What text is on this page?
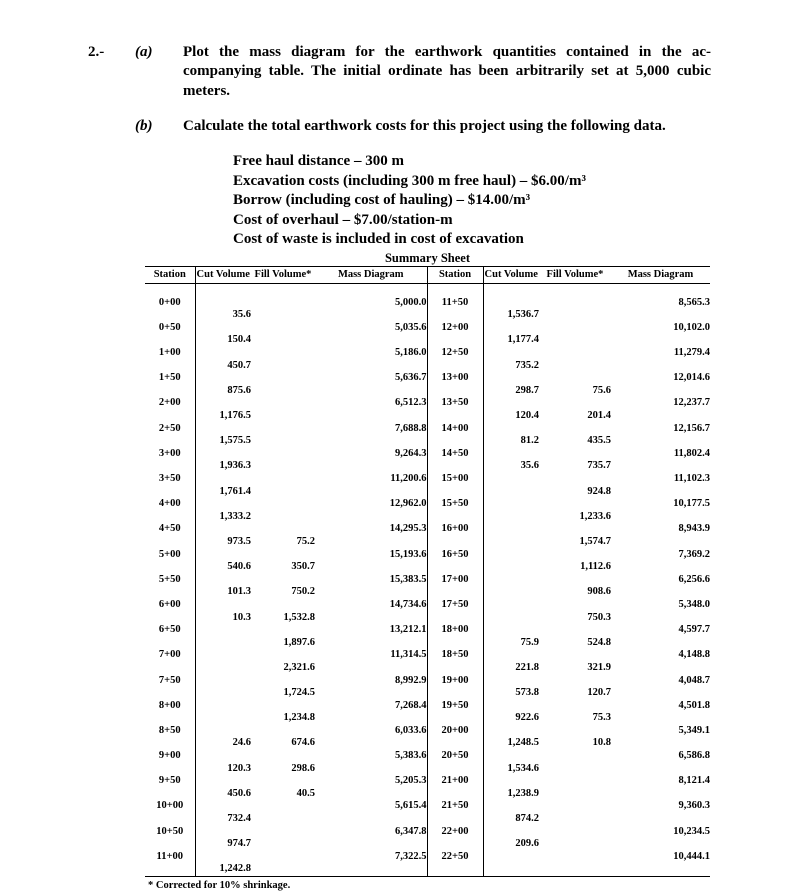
2.-	(a)	Plot the mass diagram for the earthwork quantities contained in the ac-
companying table. The initial ordinate has been arbitrarily set at 5,000 cubic
meters.
(b)	Calculate the total earthwork costs for this project using the following data.
Free haul distance – 300 m
Excavation costs (including 300 m free haul) – $6.00/m³
Borrow (including cost of hauling) – $14.00/m³
Cost of overhaul – $7.00/station-m
Cost of waste is included in cost of excavation
Summary Sheet
Station	Cut Volume	Fill Volume*	Mass Diagram	Station	Cut Volume	Fill Volume*	Mass Diagram

0+00			5,000.0	11+50			8,565.3
	35.6				1,536.7		
0+50			5,035.6	12+00			10,102.0
	150.4				1,177.4		
1+00			5,186.0	12+50			11,279.4
	450.7				735.2		
1+50			5,636.7	13+00			12,014.6
	875.6				298.7	75.6	
2+00			6,512.3	13+50			12,237.7
	1,176.5				120.4	201.4	
2+50			7,688.8	14+00			12,156.7
	1,575.5				81.2	435.5	
3+00			9,264.3	14+50			11,802.4
	1,936.3				35.6	735.7	
3+50			11,200.6	15+00			11,102.3
	1,761.4					924.8	
4+00			12,962.0	15+50			10,177.5
	1,333.2					1,233.6	
4+50			14,295.3	16+00			8,943.9
	973.5	75.2				1,574.7	
5+00			15,193.6	16+50			7,369.2
	540.6	350.7				1,112.6	
5+50			15,383.5	17+00			6,256.6
	101.3	750.2				908.6	
6+00			14,734.6	17+50			5,348.0
	10.3	1,532.8				750.3	
6+50			13,212.1	18+00			4,597.7
		1,897.6			75.9	524.8	
7+00			11,314.5	18+50			4,148.8
		2,321.6			221.8	321.9	
7+50			8,992.9	19+00			4,048.7
		1,724.5			573.8	120.7	
8+00			7,268.4	19+50			4,501.8
		1,234.8			922.6	75.3	
8+50			6,033.6	20+00			5,349.1
	24.6	674.6			1,248.5	10.8	
9+00			5,383.6	20+50			6,586.8
	120.3	298.6			1,534.6		
9+50			5,205.3	21+00			8,121.4
	450.6	40.5			1,238.9		
10+00			5,615.4	21+50			9,360.3
	732.4				874.2		
10+50			6,347.8	22+00			10,234.5
	974.7				209.6		
11+00			7,322.5	22+50			10,444.1
	1,242.8						
* Corrected for 10% shrinkage.
